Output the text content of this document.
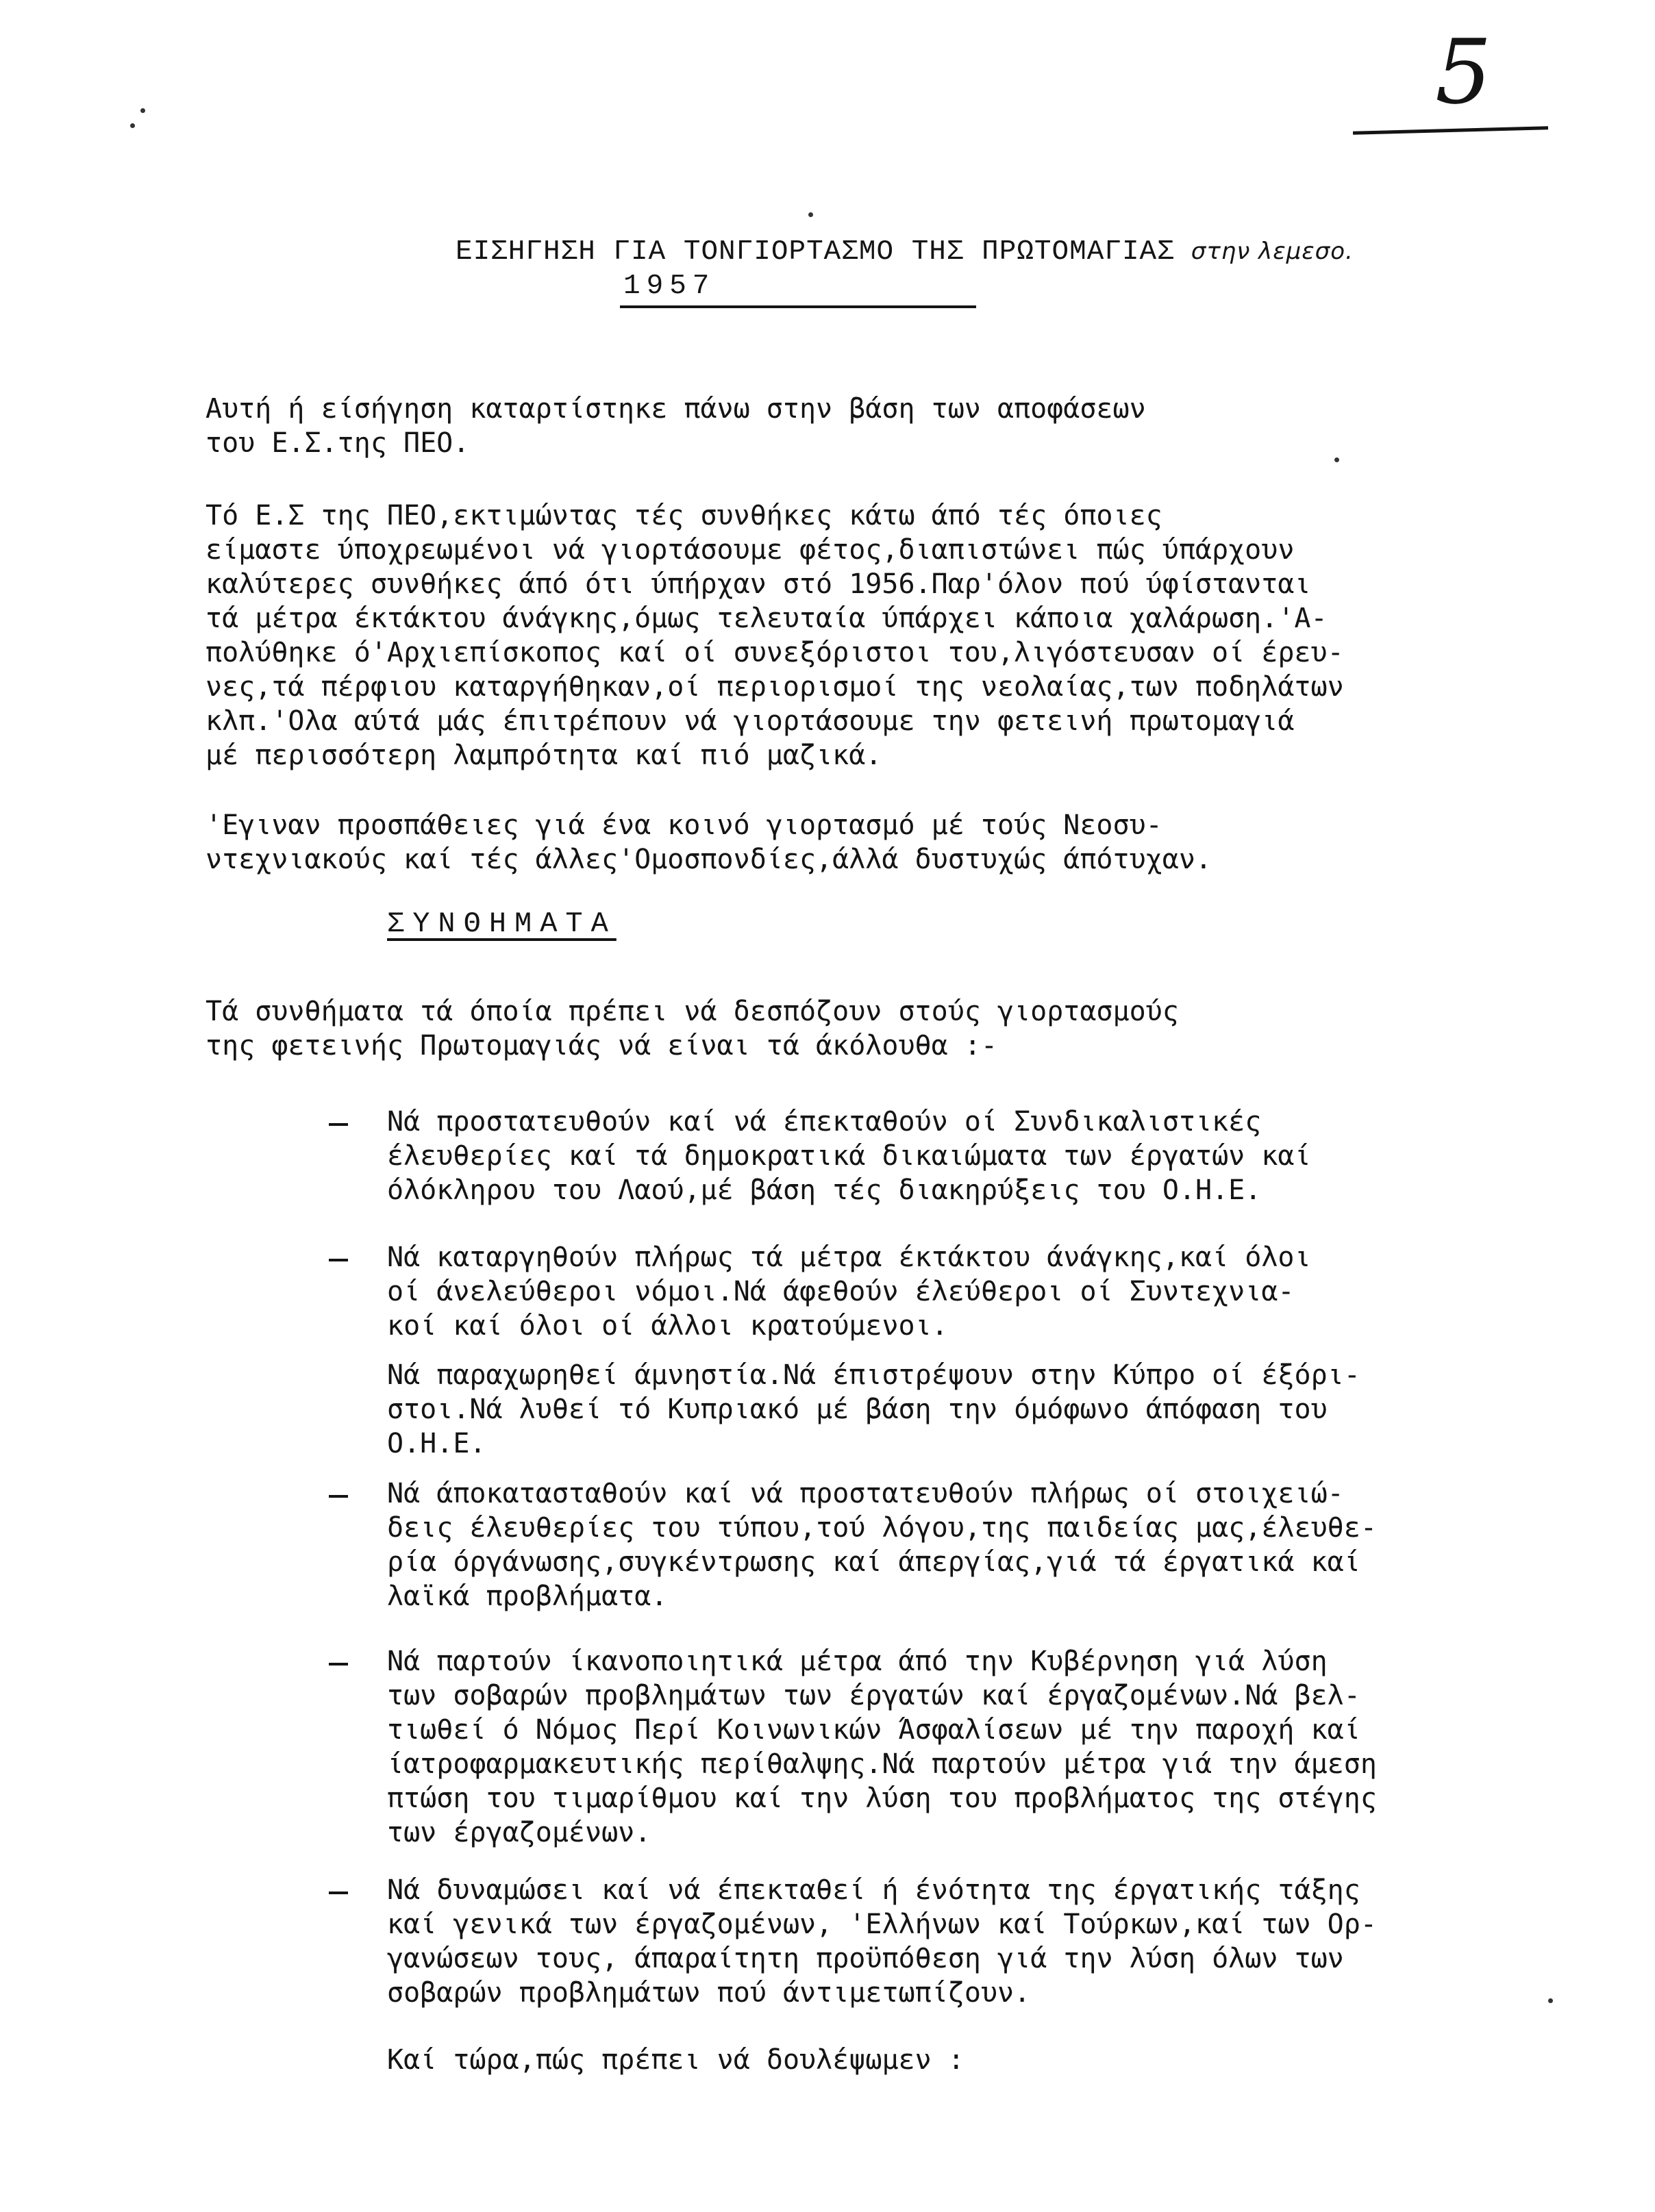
5
ΕΙΣΗΓΗΣΗ ΓΙΑ ΤΟΝΓΙΟΡΤΑΣΜΟ ΤΗΣ ΠΡΩΤΟΜΑΓΙΑΣ στην λεμεσο.
1957
Αυτή ή είσήγηση καταρτίστηκε πάνω στην βάση των αποφάσεων
του Ε.Σ.της ΠΕΟ.
Τό Ε.Σ της ΠΕΟ,εκτιμώντας τές συνθήκες κάτω άπό τές όποιες
είμαστε ύποχρεωμένοι νά γιορτάσουμε φέτος,διαπιστώνει πώς ύπάρχουν
καλύτερες συνθήκες άπό ότι ύπήρχαν στό 1956.Παρ'όλον πού ύφίστανται
τά μέτρα έκτάκτου άνάγκης,όμως τελευταία ύπάρχει κάποια χαλάρωση.'Α-
πολύθηκε ό'Αρχιεπίσκοπος καί οί συνεξόριστοι του,λιγόστευσαν οί έρευ-
νες,τά πέρφιου καταργήθηκαν,οί περιορισμοί της νεολαίας,των ποδηλάτων
κλπ.'Ολα αύτά μάς έπιτρέπουν νά γιορτάσουμε την φετεινή πρωτομαγιά
μέ περισσότερη λαμπρότητα καί πιό μαζικά.
'Εγιναν προσπάθειες γιά ένα κοινό γιορτασμό μέ τούς Νεοσυ-
ντεχνιακούς καί τές άλλες'Ομοσπονδίες,άλλά δυστυχώς άπότυχαν.
ΣΥΝΘΗΜΑΤΑ
Τά συνθήματα τά όποία πρέπει νά δεσπόζουν στούς γιορτασμούς
της φετεινής Πρωτομαγιάς νά είναι τά άκόλουθα :-
Νά προστατευθούν καί νά έπεκταθούν οί Συνδικαλιστικές
έλευθερίες καί τά δημοκρατικά δικαιώματα των έργατών καί
όλόκληρου του Λαού,μέ βάση τές διακηρύξεις του Ο.Η.Ε.
Νά καταργηθούν πλήρως τά μέτρα έκτάκτου άνάγκης,καί όλοι
οί άνελεύθεροι νόμοι.Νά άφεθούν έλεύθεροι οί Συντεχνια-
κοί καί όλοι οί άλλοι κρατούμενοι.
Νά παραχωρηθεί άμνηστία.Νά έπιστρέψουν στην Κύπρο οί έξόρι-
στοι.Νά λυθεί τό Κυπριακό μέ βάση την όμόφωνο άπόφαση του
Ο.Η.Ε.
Νά άποκατασταθούν καί νά προστατευθούν πλήρως οί στοιχειώ-
δεις έλευθερίες του τύπου,τού λόγου,της παιδείας μας,έλευθε-
ρία όργάνωσης,συγκέντρωσης καί άπεργίας,γιά τά έργατικά καί
λαϊκά προβλήματα.
Νά παρτούν ίκανοποιητικά μέτρα άπό την Κυβέρνηση γιά λύση
των σοβαρών προβλημάτων των έργατών καί έργαζομένων.Νά βελ-
τιωθεί ό Νόμος Περί Κοινωνικών Άσφαλίσεων μέ την παροχή καί
ίατροφαρμακευτικής περίθαλψης.Νά παρτούν μέτρα γιά την άμεση
πτώση του τιμαρίθμου καί την λύση του προβλήματος της στέγης
των έργαζομένων.
Νά δυναμώσει καί νά έπεκταθεί ή ένότητα της έργατικής τάξης
καί γενικά των έργαζομένων, 'Ελλήνων καί Τούρκων,καί των Ορ-
γανώσεων τους, άπαραίτητη προϋπόθεση γιά την λύση όλων των
σοβαρών προβλημάτων πού άντιμετωπίζουν.
Καί τώρα,πώς πρέπει νά δουλέψωμεν :
